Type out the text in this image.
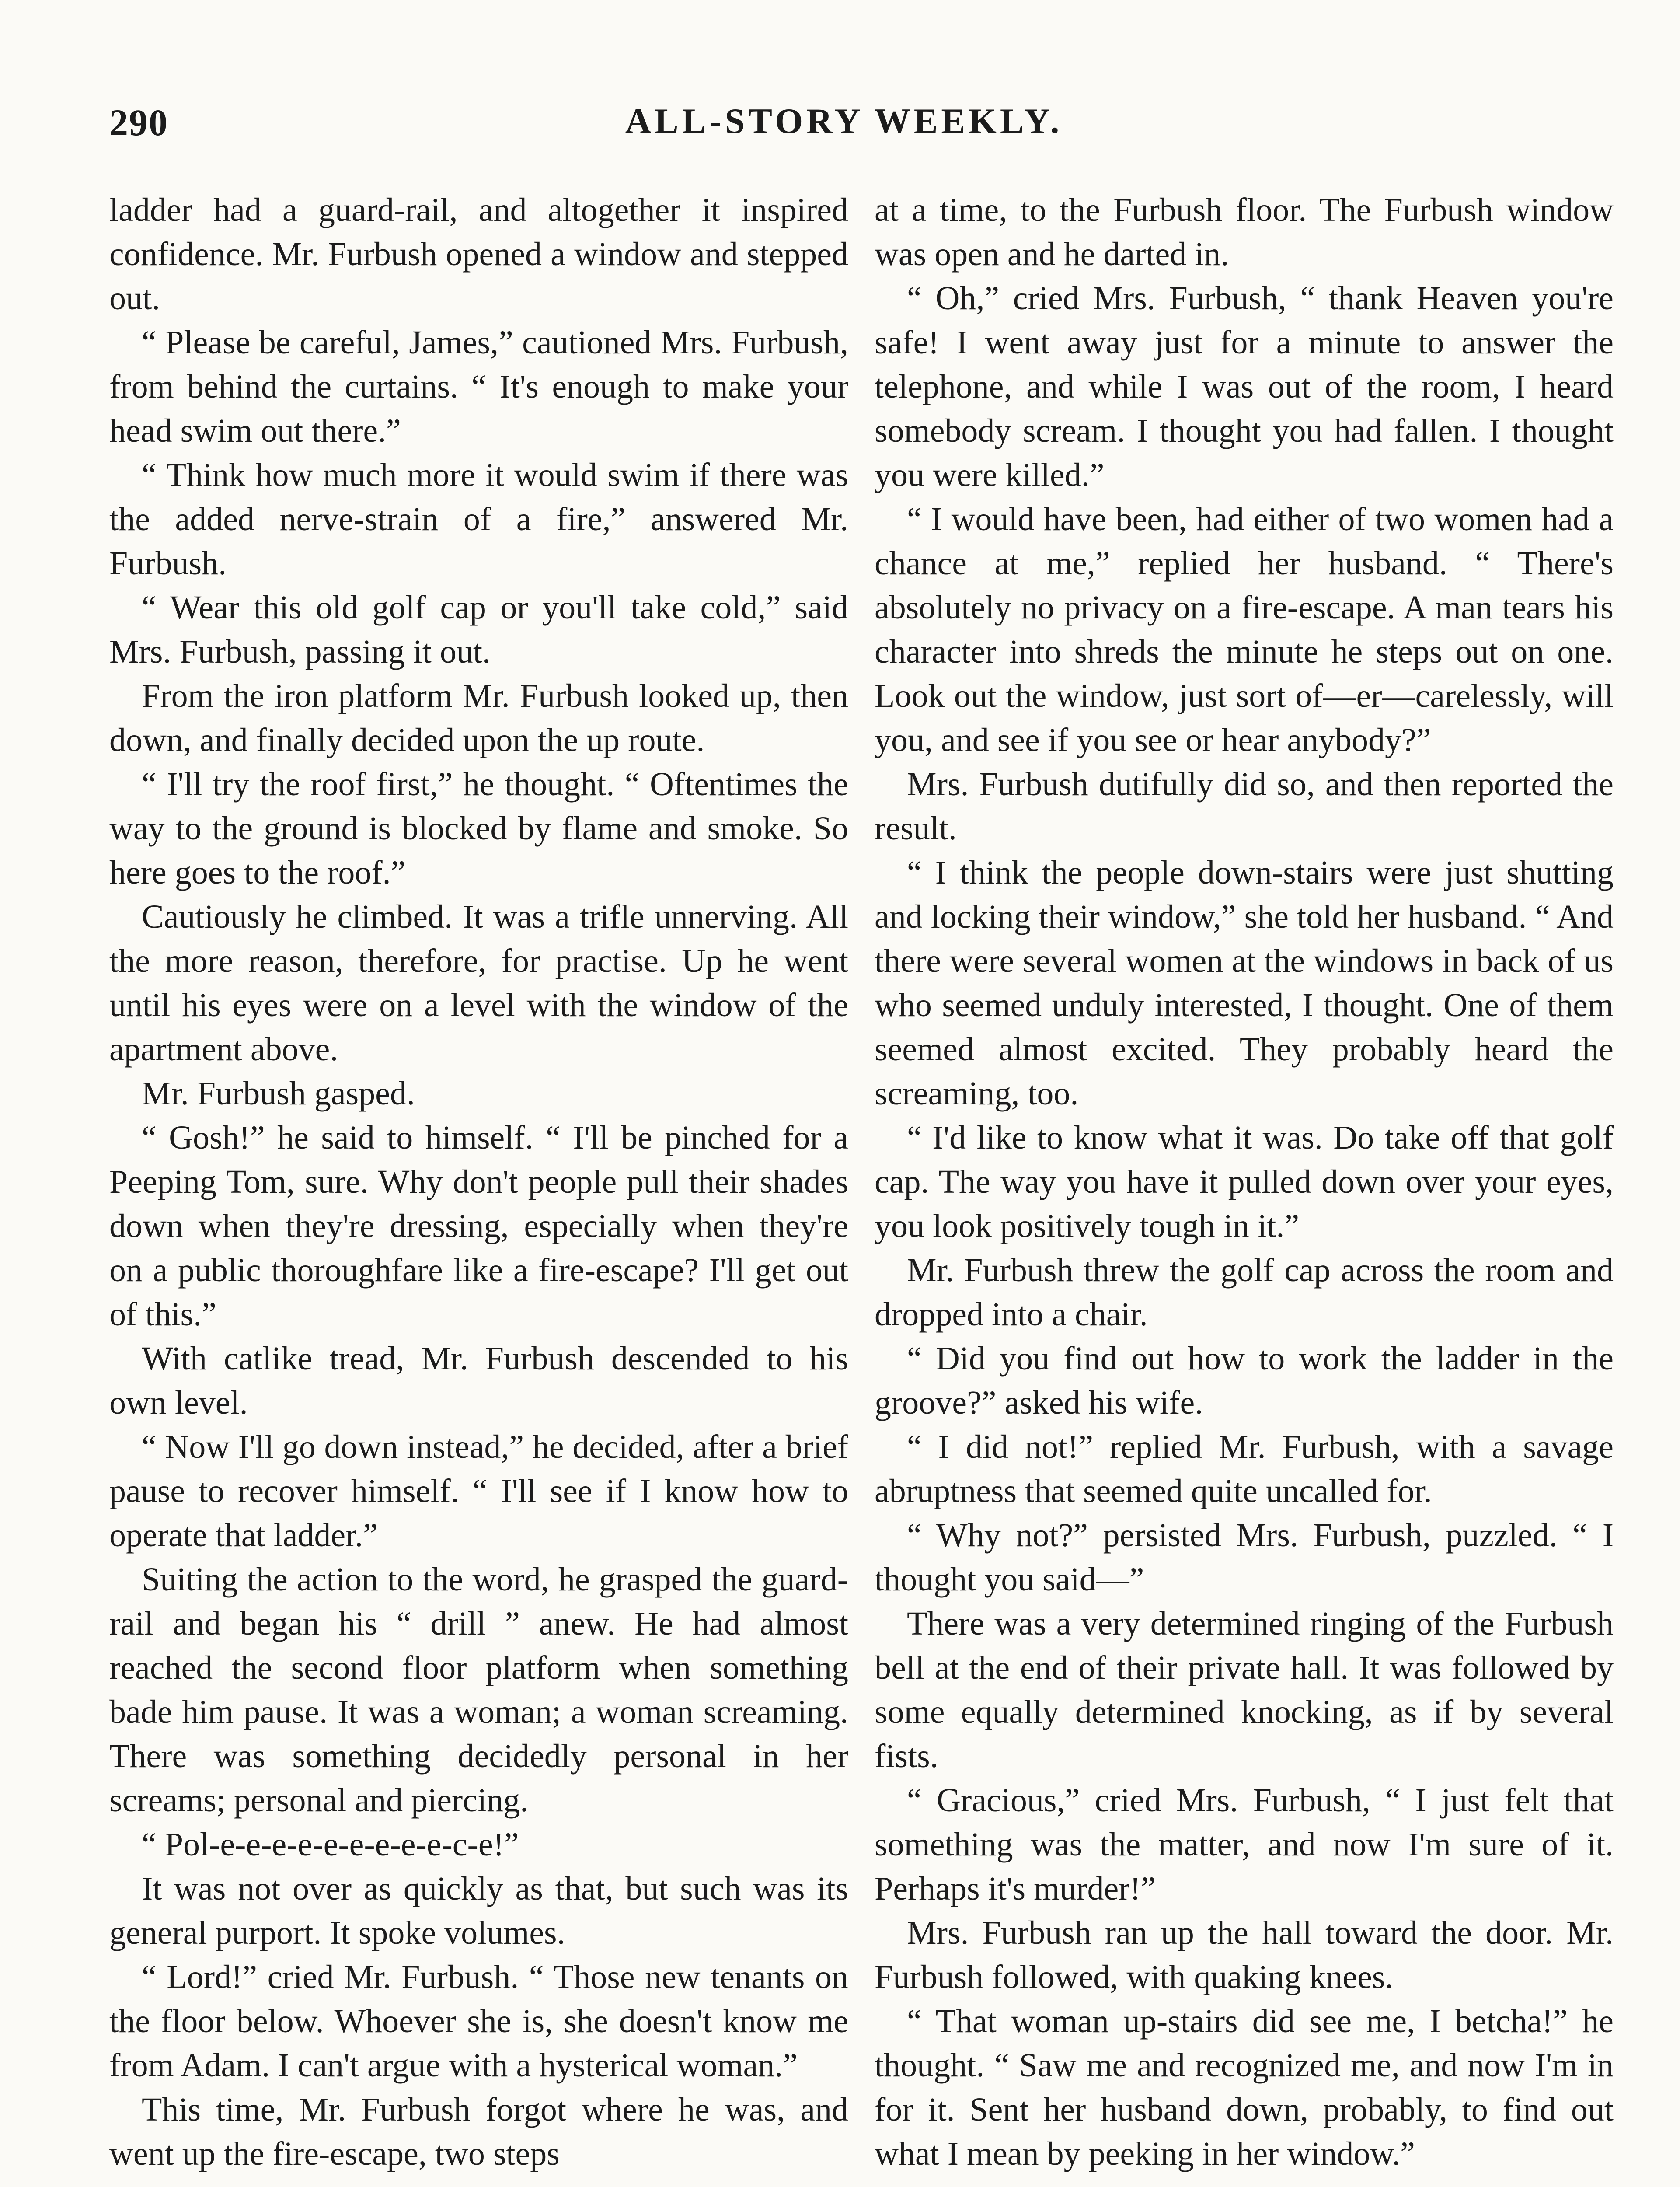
290	ALL-STORY WEEKLY.

ladder had a guard-rail, and altogether it inspired confidence. Mr. Furbush opened a window and stepped out.

“ Please be careful, James,” cautioned Mrs. Furbush, from behind the curtains. “ It's enough to make your head swim out there.”

“ Think how much more it would swim if there was the added nerve-strain of a fire,” answered Mr. Furbush.

“ Wear this old golf cap or you'll take cold,” said Mrs. Furbush, passing it out.

From the iron platform Mr. Furbush looked up, then down, and finally decided upon the up route.

“ I'll try the roof first,” he thought. “ Oftentimes the way to the ground is blocked by flame and smoke. So here goes to the roof.”

Cautiously he climbed. It was a trifle unnerving. All the more reason, therefore, for practise. Up he went until his eyes were on a level with the window of the apartment above.

Mr. Furbush gasped.

“ Gosh!” he said to himself. “ I'll be pinched for a Peeping Tom, sure. Why don't people pull their shades down when they're dressing, especially when they're on a public thoroughfare like a fire-escape? I'll get out of this.”

With catlike tread, Mr. Furbush descended to his own level.

“ Now I'll go down instead,” he decided, after a brief pause to recover himself. “ I'll see if I know how to operate that ladder.”

Suiting the action to the word, he grasped the guard-rail and began his “ drill ” anew. He had almost reached the second floor platform when something bade him pause. It was a woman; a woman screaming. There was something decidedly personal in her screams; personal and piercing.

“ Pol-e-e-e-e-e-e-e-e-e-c-e!”

It was not over as quickly as that, but such was its general purport. It spoke volumes.

“ Lord!” cried Mr. Furbush. “ Those new tenants on the floor below. Whoever she is, she doesn't know me from Adam. I can't argue with a hysterical woman.”

This time, Mr. Furbush forgot where he was, and went up the fire-escape, two steps

at a time, to the Furbush floor. The Furbush window was open and he darted in.

“ Oh,” cried Mrs. Furbush, “ thank Heaven you're safe! I went away just for a minute to answer the telephone, and while I was out of the room, I heard somebody scream. I thought you had fallen. I thought you were killed.”

“ I would have been, had either of two women had a chance at me,” replied her husband. “ There's absolutely no privacy on a fire-escape. A man tears his character into shreds the minute he steps out on one. Look out the window, just sort of—er—carelessly, will you, and see if you see or hear anybody?”

Mrs. Furbush dutifully did so, and then reported the result.

“ I think the people down-stairs were just shutting and locking their window,” she told her husband. “ And there were several women at the windows in back of us who seemed unduly interested, I thought. One of them seemed almost excited. They probably heard the screaming, too.

“ I'd like to know what it was. Do take off that golf cap. The way you have it pulled down over your eyes, you look positively tough in it.”

Mr. Furbush threw the golf cap across the room and dropped into a chair.

“ Did you find out how to work the ladder in the groove?” asked his wife.

“ I did not!” replied Mr. Furbush, with a savage abruptness that seemed quite uncalled for.

“ Why not?” persisted Mrs. Furbush, puzzled. “ I thought you said—”

There was a very determined ringing of the Furbush bell at the end of their private hall. It was followed by some equally determined knocking, as if by several fists.

“ Gracious,” cried Mrs. Furbush, “ I just felt that something was the matter, and now I'm sure of it. Perhaps it's murder!”

Mrs. Furbush ran up the hall toward the door. Mr. Furbush followed, with quaking knees.

“ That woman up-stairs did see me, I betcha!” he thought. “ Saw me and recognized me, and now I'm in for it. Sent her husband down, probably, to find out what I mean by peeking in her window.”
